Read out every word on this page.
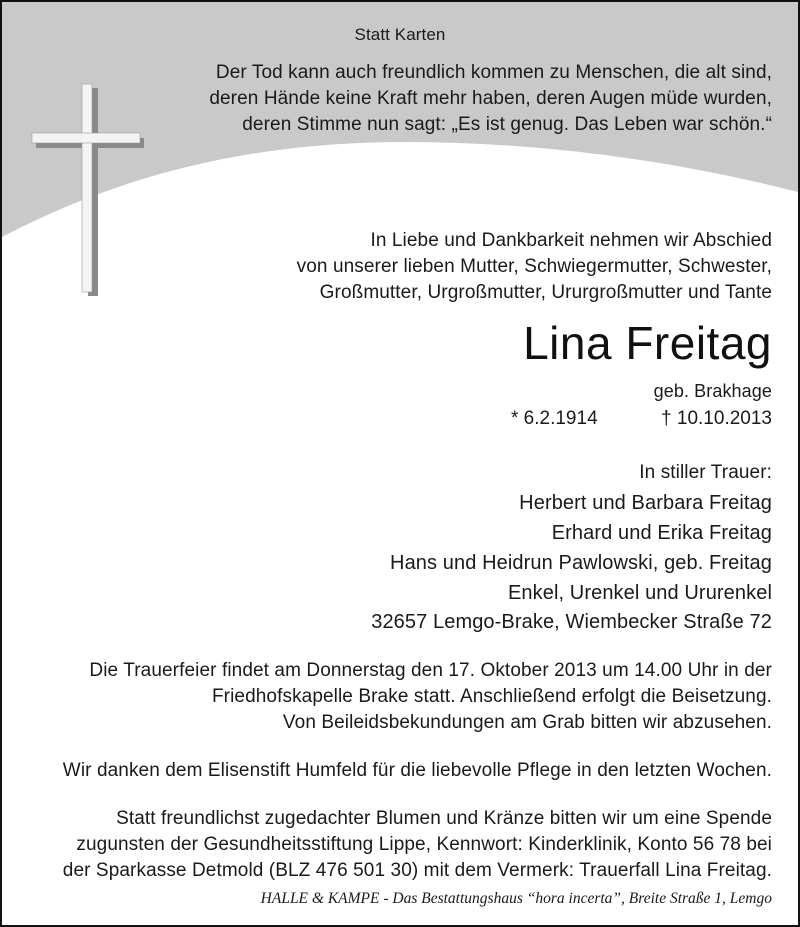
Statt Karten
Der Tod kann auch freundlich kommen zu Menschen, die alt sind,
deren Hände keine Kraft mehr haben, deren Augen müde wurden,
deren Stimme nun sagt: „Es ist genug. Das Leben war schön.“
In Liebe und Dankbarkeit nehmen wir Abschied
von unserer lieben Mutter, Schwiegermutter, Schwester,
Großmutter, Urgroßmutter, Ururgroßmutter und Tante
Lina Freitag
geb. Brakhage
* 6.2.1914	† 10.10.2013
In stiller Trauer:
Herbert und Barbara Freitag
Erhard und Erika Freitag
Hans und Heidrun Pawlowski, geb. Freitag
Enkel, Urenkel und Ururenkel
32657 Lemgo-Brake, Wiembecker Straße 72
Die Trauerfeier findet am Donnerstag den 17. Oktober 2013 um 14.00 Uhr in der
Friedhofskapelle Brake statt. Anschließend erfolgt die Beisetzung.
Von Beileidsbekundungen am Grab bitten wir abzusehen.
Wir danken dem Elisenstift Humfeld für die liebevolle Pflege in den letzten Wochen.
Statt freundlichst zugedachter Blumen und Kränze bitten wir um eine Spende
zugunsten der Gesundheitsstiftung Lippe, Kennwort: Kinderklinik, Konto 56 78 bei
der Sparkasse Detmold (BLZ 476 501 30) mit dem Vermerk: Trauerfall Lina Freitag.
HALLE & KAMPE - Das Bestattungshaus “hora incerta”, Breite Straße 1, Lemgo
